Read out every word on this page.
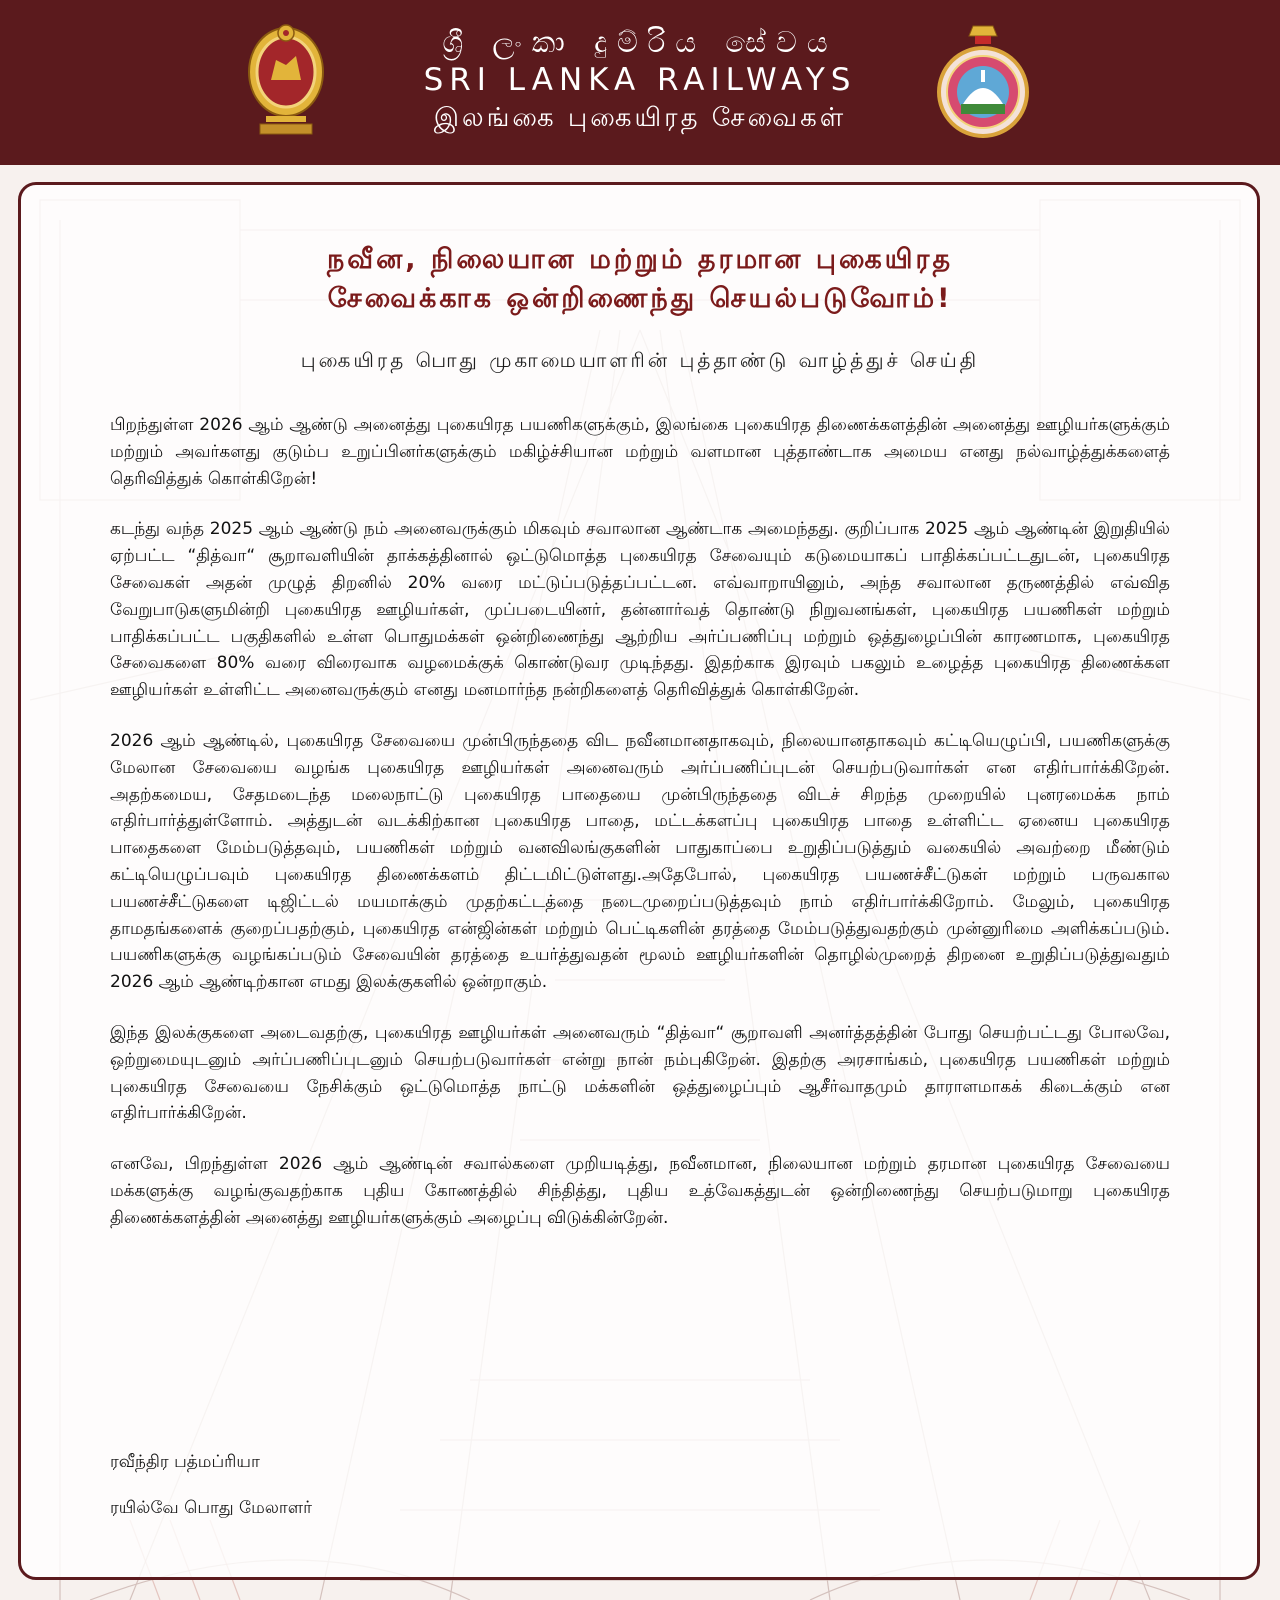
ශ්‍රී ලංකා දුම්රිය සේවය
SRI LANKA RAILWAYS
இலங்கை புகையிரத சேவைகள்
நவீன, நிலையான மற்றும் தரமான புகையிரத
சேவைக்காக ஒன்றிணைந்து செயல்படுவோம்!
புகையிரத பொது முகாமையாளரின் புத்தாண்டு வாழ்த்துச் செய்தி

பிறந்துள்ள 2026 ஆம் ஆண்டு அனைத்து புகையிரத பயணிகளுக்கும், இலங்கை புகையிரத திணைக்களத்தின் அனைத்து ஊழியர்களுக்கும் மற்றும் அவர்களது குடும்ப உறுப்பினர்களுக்கும் மகிழ்ச்சியான மற்றும் வளமான புத்தாண்டாக அமைய எனது நல்வாழ்த்துக்களைத் தெரிவித்துக் கொள்கிறேன்!

கடந்து வந்த 2025 ஆம் ஆண்டு நம் அனைவருக்கும் மிகவும் சவாலான ஆண்டாக அமைந்தது. குறிப்பாக 2025 ஆம் ஆண்டின் இறுதியில் ஏற்பட்ட “தித்வா“ சூறாவளியின் தாக்கத்தினால் ஒட்டுமொத்த புகையிரத சேவையும் கடுமையாகப் பாதிக்கப்பட்டதுடன், புகையிரத சேவைகள் அதன் முழுத் திறனில் 20% வரை மட்டுப்படுத்தப்பட்டன. எவ்வாறாயினும், அந்த சவாலான தருணத்தில் எவ்வித வேறுபாடுகளுமின்றி புகையிரத ஊழியர்கள், முப்படையினர், தன்னார்வத் தொண்டு நிறுவனங்கள், புகையிரத பயணிகள் மற்றும் பாதிக்கப்பட்ட பகுதிகளில் உள்ள பொதுமக்கள் ஒன்றிணைந்து ஆற்றிய அர்ப்பணிப்பு மற்றும் ஒத்துழைப்பின் காரணமாக, புகையிரத சேவைகளை 80% வரை விரைவாக வழமைக்குக் கொண்டுவர முடிந்தது. இதற்காக இரவும் பகலும் உழைத்த புகையிரத திணைக்கள ஊழியர்கள் உள்ளிட்ட அனைவருக்கும் எனது மனமார்ந்த நன்றிகளைத் தெரிவித்துக் கொள்கிறேன்.

2026 ஆம் ஆண்டில், புகையிரத சேவையை முன்பிருந்ததை விட நவீனமானதாகவும், நிலையானதாகவும் கட்டியெழுப்பி, பயணிகளுக்கு மேலான சேவையை வழங்க புகையிரத ஊழியர்கள் அனைவரும் அர்ப்பணிப்புடன் செயற்படுவார்கள் என எதிர்பார்க்கிறேன். அதற்கமைய, சேதமடைந்த மலைநாட்டு புகையிரத பாதையை முன்பிருந்ததை விடச் சிறந்த முறையில் புனரமைக்க நாம் எதிர்பார்த்துள்ளோம். அத்துடன் வடக்கிற்கான புகையிரத பாதை, மட்டக்களப்பு புகையிரத பாதை உள்ளிட்ட ஏனைய புகையிரத பாதைகளை மேம்படுத்தவும், பயணிகள் மற்றும் வனவிலங்குகளின் பாதுகாப்பை உறுதிப்படுத்தும் வகையில் அவற்றை மீண்டும் கட்டியெழுப்பவும் புகையிரத திணைக்களம் திட்டமிட்டுள்ளது.அதேபோல், புகையிரத பயணச்சீட்டுகள் மற்றும் பருவகால பயணச்சீட்டுகளை டிஜிட்டல் மயமாக்கும் முதற்கட்டத்தை நடைமுறைப்படுத்தவும் நாம் எதிர்பார்க்கிறோம். மேலும், புகையிரத தாமதங்களைக் குறைப்பதற்கும், புகையிரத என்ஜின்கள் மற்றும் பெட்டிகளின் தரத்தை மேம்படுத்துவதற்கும் முன்னுரிமை அளிக்கப்படும். பயணிகளுக்கு வழங்கப்படும் சேவையின் தரத்தை உயர்த்துவதன் மூலம் ஊழியர்களின் தொழில்முறைத் திறனை உறுதிப்படுத்துவதும் 2026 ஆம் ஆண்டிற்கான எமது இலக்குகளில் ஒன்றாகும்.

இந்த இலக்குகளை அடைவதற்கு, புகையிரத ஊழியர்கள் அனைவரும் “தித்வா“ சூறாவளி அனர்த்தத்தின் போது செயற்பட்டது போலவே, ஒற்றுமையுடனும் அர்ப்பணிப்புடனும் செயற்படுவார்கள் என்று நான் நம்புகிறேன். இதற்கு அரசாங்கம், புகையிரத பயணிகள் மற்றும் புகையிரத சேவையை நேசிக்கும் ஒட்டுமொத்த நாட்டு மக்களின் ஒத்துழைப்பும் ஆசீர்வாதமும் தாராளமாகக் கிடைக்கும் என எதிர்பார்க்கிறேன்.

எனவே, பிறந்துள்ள 2026 ஆம் ஆண்டின் சவால்களை முறியடித்து, நவீனமான, நிலையான மற்றும் தரமான புகையிரத சேவையை மக்களுக்கு வழங்குவதற்காக புதிய கோணத்தில் சிந்தித்து, புதிய உத்வேகத்துடன் ஒன்றிணைந்து செயற்படுமாறு புகையிரத திணைக்களத்தின் அனைத்து ஊழியர்களுக்கும் அழைப்பு விடுக்கின்றேன்.

ரவீந்திர பத்மப்ரியா
ரயில்வே பொது மேலாளர்
